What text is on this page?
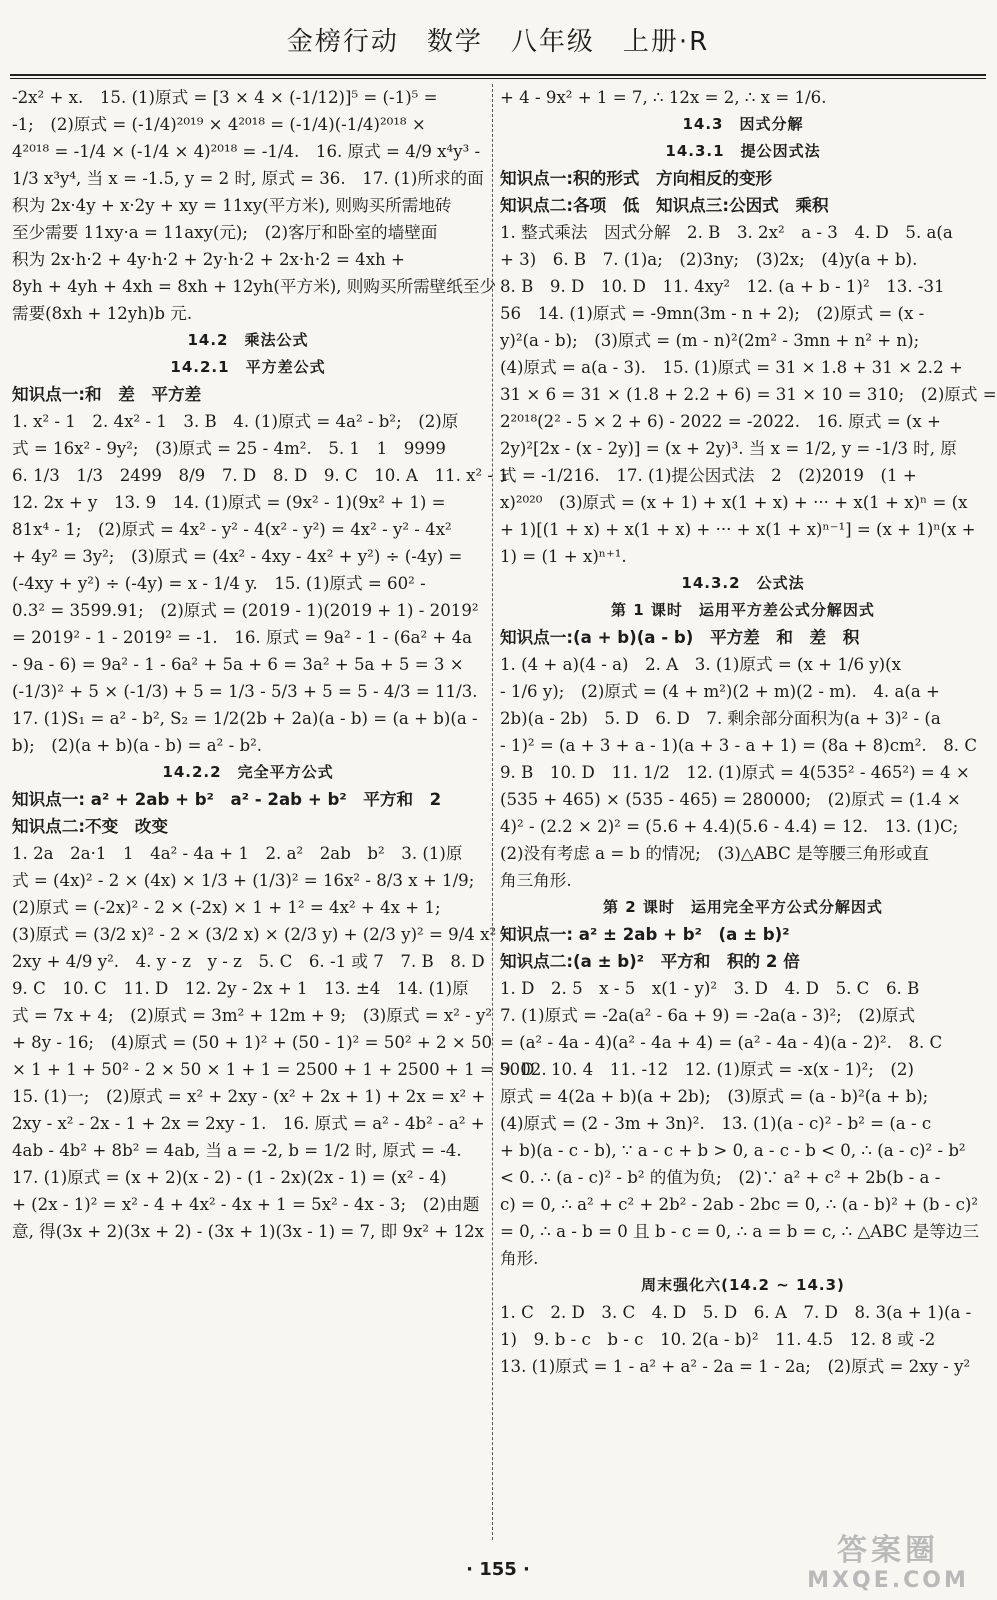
金榜行动　数学　八年级　上册·R
-2x² + x.　15. (1)原式 = [3 × 4 × (-1/12)]⁵ = (-1)⁵ =
-1;　(2)原式 = (-1/4)²⁰¹⁹ × 4²⁰¹⁸ = (-1/4)(-1/4)²⁰¹⁸ ×
4²⁰¹⁸ = -1/4 × (-1/4 × 4)²⁰¹⁸ = -1/4.　16. 原式 = 4/9 x⁴y³ -
1/3 x³y⁴, 当 x = -1.5, y = 2 时, 原式 = 36.　17. (1)所求的面
积为 2x·4y + x·2y + xy = 11xy(平方米), 则购买所需地砖
至少需要 11xy·a = 11axy(元);　(2)客厅和卧室的墙壁面
积为 2x·h·2 + 4y·h·2 + 2y·h·2 + 2x·h·2 = 4xh +
8yh + 4yh + 4xh = 8xh + 12yh(平方米), 则购买所需壁纸至少
需要(8xh + 12yh)b 元.
14.2　乘法公式
14.2.1　平方差公式
知识点一:和　差　平方差
1. x² - 1　2. 4x² - 1　3. B　4. (1)原式 = 4a² - b²;　(2)原
式 = 16x² - 9y²;　(3)原式 = 25 - 4m².　5. 1　1　9999
6. 1/3　1/3　2499　8/9　7. D　8. D　9. C　10. A　11. x² - 1
12. 2x + y　13. 9　14. (1)原式 = (9x² - 1)(9x² + 1) =
81x⁴ - 1;　(2)原式 = 4x² - y² - 4(x² - y²) = 4x² - y² - 4x²
+ 4y² = 3y²;　(3)原式 = (4x² - 4xy - 4x² + y²) ÷ (-4y) =
(-4xy + y²) ÷ (-4y) = x - 1/4 y.　15. (1)原式 = 60² -
0.3² = 3599.91;　(2)原式 = (2019 - 1)(2019 + 1) - 2019²
= 2019² - 1 - 2019² = -1.　16. 原式 = 9a² - 1 - (6a² + 4a
- 9a - 6) = 9a² - 1 - 6a² + 5a + 6 = 3a² + 5a + 5 = 3 ×
(-1/3)² + 5 × (-1/3) + 5 = 1/3 - 5/3 + 5 = 5 - 4/3 = 11/3.
17. (1)S₁ = a² - b², S₂ = 1/2(2b + 2a)(a - b) = (a + b)(a -
b);　(2)(a + b)(a - b) = a² - b².
14.2.2　完全平方公式
知识点一: a² + 2ab + b²　a² - 2ab + b²　平方和　2
知识点二:不变　改变
1. 2a　2a·1　1　4a² - 4a + 1　2. a²　2ab　b²　3. (1)原
式 = (4x)² - 2 × (4x) × 1/3 + (1/3)² = 16x² - 8/3 x + 1/9;
(2)原式 = (-2x)² - 2 × (-2x) × 1 + 1² = 4x² + 4x + 1;
(3)原式 = (3/2 x)² - 2 × (3/2 x) × (2/3 y) + (2/3 y)² = 9/4 x² -
2xy + 4/9 y².　4. y - z　y - z　5. C　6. -1 或 7　7. B　8. D
9. C　10. C　11. D　12. 2y - 2x + 1　13. ±4　14. (1)原
式 = 7x + 4;　(2)原式 = 3m² + 12m + 9;　(3)原式 = x² - y²
+ 8y - 16;　(4)原式 = (50 + 1)² + (50 - 1)² = 50² + 2 × 50
× 1 + 1 + 50² - 2 × 50 × 1 + 1 = 2500 + 1 + 2500 + 1 = 5002.
15. (1)一;　(2)原式 = x² + 2xy - (x² + 2x + 1) + 2x = x² +
2xy - x² - 2x - 1 + 2x = 2xy - 1.　16. 原式 = a² - 4b² - a² +
4ab - 4b² + 8b² = 4ab, 当 a = -2, b = 1/2 时, 原式 = -4.
17. (1)原式 = (x + 2)(x - 2) - (1 - 2x)(2x - 1) = (x² - 4)
+ (2x - 1)² = x² - 4 + 4x² - 4x + 1 = 5x² - 4x - 3;　(2)由题
意, 得(3x + 2)(3x + 2) - (3x + 1)(3x - 1) = 7, 即 9x² + 12x
+ 4 - 9x² + 1 = 7, ∴ 12x = 2, ∴ x = 1/6.
14.3　因式分解
14.3.1　提公因式法
知识点一:积的形式　方向相反的变形
知识点二:各项　低　知识点三:公因式　乘积
1. 整式乘法　因式分解　2. B　3. 2x²　a - 3　4. D　5. a(a
+ 3)　6. B　7. (1)a;　(2)3ny;　(3)2x;　(4)y(a + b).
8. B　9. D　10. D　11. 4xy²　12. (a + b - 1)²　13. -31
56　14. (1)原式 = -9mn(3m - n + 2);　(2)原式 = (x -
y)²(a - b);　(3)原式 = (m - n)²(2m² - 3mn + n² + n);
(4)原式 = a(a - 3).　15. (1)原式 = 31 × 1.8 + 31 × 2.2 +
31 × 6 = 31 × (1.8 + 2.2 + 6) = 31 × 10 = 310;　(2)原式 =
2²⁰¹⁸(2² - 5 × 2 + 6) - 2022 = -2022.　16. 原式 = (x +
2y)²[2x - (x - 2y)] = (x + 2y)³. 当 x = 1/2, y = -1/3 时, 原
式 = -1/216.　17. (1)提公因式法　2　(2)2019　(1 +
x)²⁰²⁰　(3)原式 = (x + 1) + x(1 + x) + ··· + x(1 + x)ⁿ = (x
+ 1)[(1 + x) + x(1 + x) + ··· + x(1 + x)ⁿ⁻¹] = (x + 1)ⁿ(x +
1) = (1 + x)ⁿ⁺¹.
14.3.2　公式法
第 1 课时　运用平方差公式分解因式
知识点一:(a + b)(a - b)　平方差　和　差　积
1. (4 + a)(4 - a)　2. A　3. (1)原式 = (x + 1/6 y)(x
- 1/6 y);　(2)原式 = (4 + m²)(2 + m)(2 - m).　4. a(a +
2b)(a - 2b)　5. D　6. D　7. 剩余部分面积为(a + 3)² - (a
- 1)² = (a + 3 + a - 1)(a + 3 - a + 1) = (8a + 8)cm².　8. C
9. B　10. D　11. 1/2　12. (1)原式 = 4(535² - 465²) = 4 ×
(535 + 465) × (535 - 465) = 280000;　(2)原式 = (1.4 ×
4)² - (2.2 × 2)² = (5.6 + 4.4)(5.6 - 4.4) = 12.　13. (1)C;
(2)没有考虑 a = b 的情况;　(3)△ABC 是等腰三角形或直
角三角形.
第 2 课时　运用完全平方公式分解因式
知识点一: a² ± 2ab + b²　(a ± b)²
知识点二:(a ± b)²　平方和　积的 2 倍
1. D　2. 5　x - 5　x(1 - y)²　3. D　4. D　5. C　6. B
7. (1)原式 = -2a(a² - 6a + 9) = -2a(a - 3)²;　(2)原式
= (a² - 4a - 4)(a² - 4a + 4) = (a² - 4a - 4)(a - 2)².　8. C
9. D　10. 4　11. -12　12. (1)原式 = -x(x - 1)²;　(2)
原式 = 4(2a + b)(a + 2b);　(3)原式 = (a - b)²(a + b);
(4)原式 = (2 - 3m + 3n)².　13. (1)(a - c)² - b² = (a - c
+ b)(a - c - b), ∵ a - c + b > 0, a - c - b < 0, ∴ (a - c)² - b²
< 0. ∴ (a - c)² - b² 的值为负;　(2)∵ a² + c² + 2b(b - a -
c) = 0, ∴ a² + c² + 2b² - 2ab - 2bc = 0, ∴ (a - b)² + (b - c)²
= 0, ∴ a - b = 0 且 b - c = 0, ∴ a = b = c, ∴ △ABC 是等边三
角形.
周末强化六(14.2 ~ 14.3)
1. C　2. D　3. C　4. D　5. D　6. A　7. D　8. 3(a + 1)(a -
1)　9. b - c　b - c　10. 2(a - b)²　11. 4.5　12. 8 或 -2
13. (1)原式 = 1 - a² + a² - 2a = 1 - 2a;　(2)原式 = 2xy - y²
· 155 ·
答案圈
MXQE.COM
